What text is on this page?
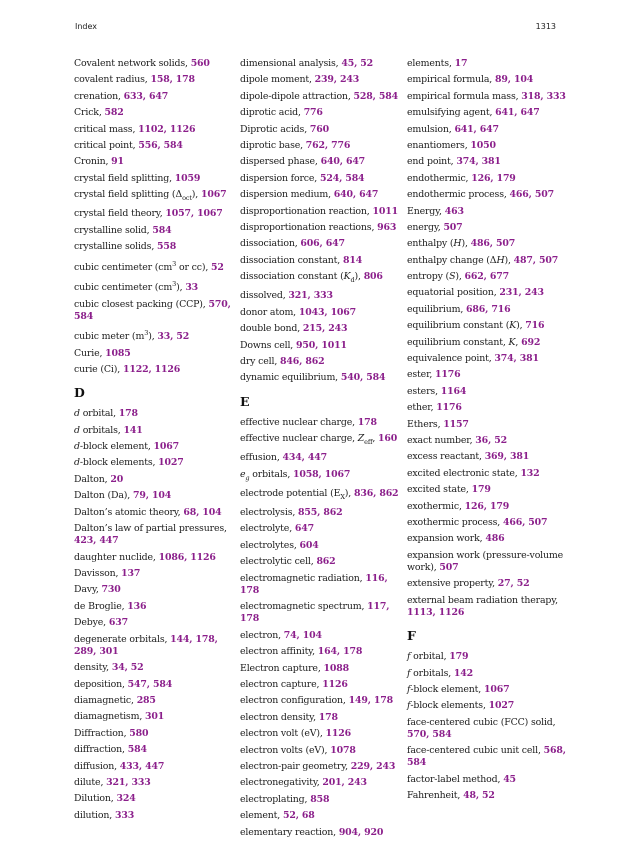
Index	1313
Covalent network solids, 560
covalent radius, 158, 178
crenation, 633, 647
Crick, 582
critical mass, 1102, 1126
critical point, 556, 584
Cronin, 91
crystal field splitting, 1059
crystal field splitting $(\Delta_{oct})$, 1067
crystal field theory, 1057, 1067
crystalline solid, 584
crystalline solids, 558
cubic centimeter ($cm^3$ or cc), 52
cubic centimeter $(cm^3)$, 33
cubic closest packing (CCP), 570, 584
cubic meter $(m^3)$, 33, 52
Curie, 1085
curie (Ci), 1122, 1126
D
d orbital, 178
d orbitals, 141
d-block element, 1067
d-block elements, 1027
Dalton, 20
Dalton (Da), 79, 104
Dalton’s atomic theory, 68, 104
Dalton’s law of partial pressures, 423, 447
daughter nuclide, 1086, 1126
Davisson, 137
Davy, 730
de Broglie, 136
Debye, 637
degenerate orbitals, 144, 178, 289, 301
density, 34, 52
deposition, 547, 584
diamagnetic, 285
diamagnetism, 301
Diffraction, 580
diffraction, 584
diffusion, 433, 447
dilute, 321, 333
Dilution, 324
dilution, 333
dimensional analysis, 45, 52
dipole moment, 239, 243
dipole-dipole attraction, 528, 584
diprotic acid, 776
Diprotic acids, 760
diprotic base, 762, 776
dispersed phase, 640, 647
dispersion force, 524, 584
dispersion medium, 640, 647
disproportionation reaction, 1011
disproportionation reactions, 963
dissociation, 606, 647
dissociation constant, 814
dissociation constant $(K_d)$, 806
dissolved, 321, 333
donor atom, 1043, 1067
double bond, 215, 243
Downs cell, 950, 1011
dry cell, 846, 862
dynamic equilibrium, 540, 584
E
effective nuclear charge, 178
effective nuclear charge, $Z_{eff}$, 160
effusion, 434, 447
$e_g$ orbitals, 1058, 1067
electrode potential $(E_X)$, 836, 862
electrolysis, 855, 862
electrolyte, 647
electrolytes, 604
electrolytic cell, 862
electromagnetic radiation, 116, 178
electromagnetic spectrum, 117, 178
electron, 74, 104
electron affinity, 164, 178
Electron capture, 1088
electron capture, 1126
electron configuration, 149, 178
electron density, 178
electron volt (eV), 1126
electron volts (eV), 1078
electron-pair geometry, 229, 243
electronegativity, 201, 243
electroplating, 858
element, 52, 68
elementary reaction, 904, 920
elements, 17
empirical formula, 89, 104
empirical formula mass, 318, 333
emulsifying agent, 641, 647
emulsion, 641, 647
enantiomers, 1050
end point, 374, 381
endothermic, 126, 179
endothermic process, 466, 507
Energy, 463
energy, 507
enthalpy (H), 486, 507
enthalpy change (ΔH), 487, 507
entropy (S), 662, 677
equatorial position, 231, 243
equilibrium, 686, 716
equilibrium constant (K), 716
equilibrium constant, K, 692
equivalence point, 374, 381
ester, 1176
esters, 1164
ether, 1176
Ethers, 1157
exact number, 36, 52
excess reactant, 369, 381
excited electronic state, 132
excited state, 179
exothermic, 126, 179
exothermic process, 466, 507
expansion work, 486
expansion work (pressure-volume work), 507
extensive property, 27, 52
external beam radiation therapy, 1113, 1126
F
f orbital, 179
f orbitals, 142
f-block element, 1067
f-block elements, 1027
face-centered cubic (FCC) solid, 570, 584
face-centered cubic unit cell, 568, 584
factor-label method, 45
Fahrenheit, 48, 52
